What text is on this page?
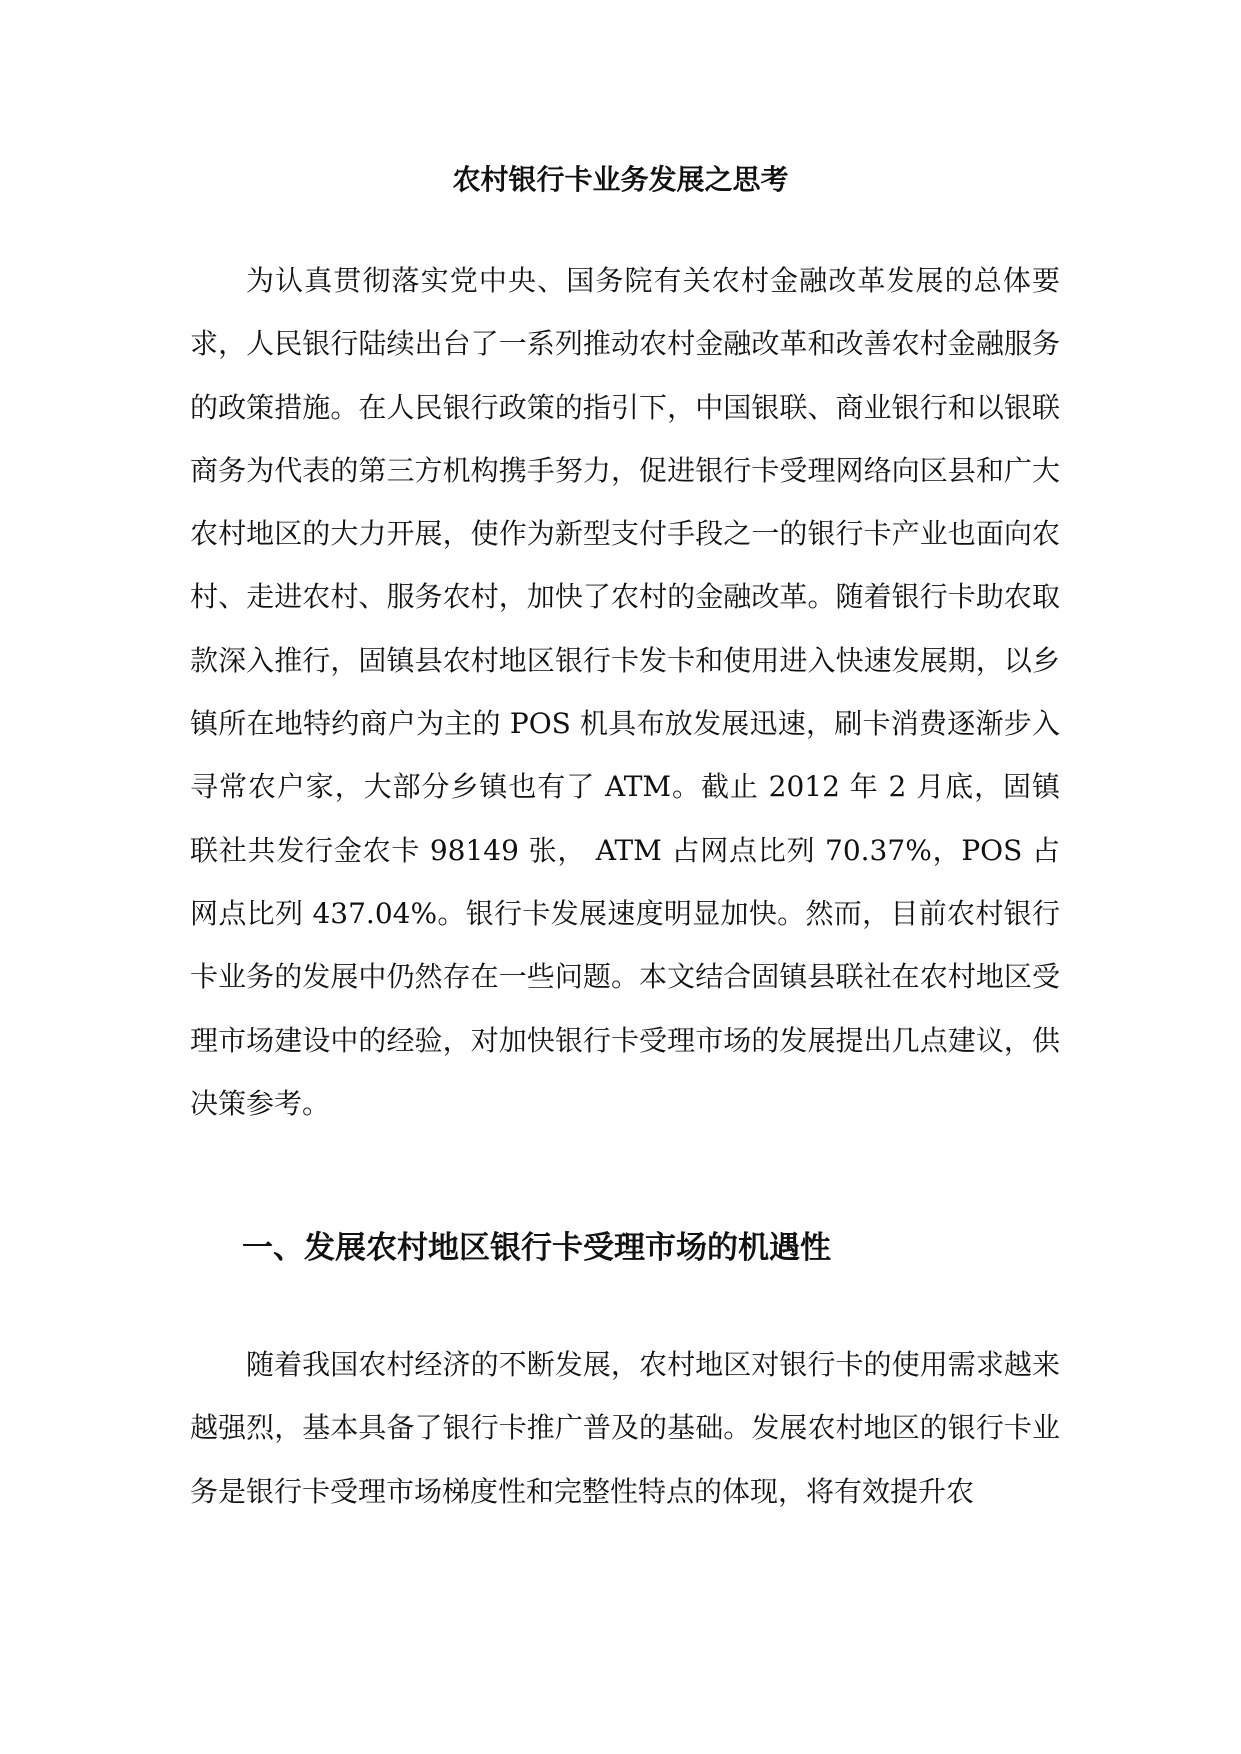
农村银行卡业务发展之思考

为认真贯彻落实党中央、国务院有关农村金融改革发展的总体要求，人民银行陆续出台了一系列推动农村金融改革和改善农村金融服务的政策措施。在人民银行政策的指引下，中国银联、商业银行和以银联商务为代表的第三方机构携手努力，促进银行卡受理网络向区县和广大农村地区的大力开展，使作为新型支付手段之一的银行卡产业也面向农村、走进农村、服务农村，加快了农村的金融改革。随着银行卡助农取款深入推行，固镇县农村地区银行卡发卡和使用进入快速发展期，以乡镇所在地特约商户为主的 POS 机具布放发展迅速，刷卡消费逐渐步入寻常农户家，大部分乡镇也有了 ATM。截止 2012 年 2 月底，固镇联社共发行金农卡 98149 张， ATM 占网点比列 70.37%，POS 占网点比列 437.04%。银行卡发展速度明显加快。然而，目前农村银行卡业务的发展中仍然存在一些问题。本文结合固镇县联社在农村地区受理市场建设中的经验，对加快银行卡受理市场的发展提出几点建议，供决策参考。

一、发展农村地区银行卡受理市场的机遇性

随着我国农村经济的不断发展，农村地区对银行卡的使用需求越来越强烈，基本具备了银行卡推广普及的基础。发展农村地区的银行卡业务是银行卡受理市场梯度性和完整性特点的体现，将有效提升农
